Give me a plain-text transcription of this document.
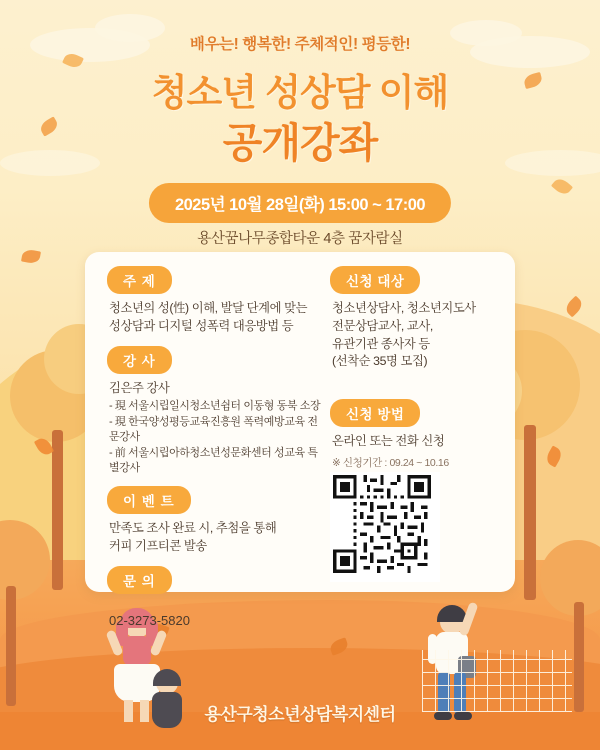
배우는! 행복한! 주체적인! 평등한!
청소년 성상담 이해
공개강좌
2025년 10월 28일(화) 15:00 ~ 17:00
용산꿈나무종합타운 4층 꿈자람실
주 제

청소년의 성(性) 이해, 발달 단계에 맞는
성상담과 디지털 성폭력 대응방법 등

강 사

김은주 강사

- 現 서울시립일시청소년쉼터 이동형 동북 소장
- 現 한국양성평등교육진흥원 폭력예방교육 전문강사
- 前 서울시립아하청소년성문화센터 성교육 특별강사

이 벤 트

만족도 조사 완료 시, 추첨을 통해
커피 기프티콘 발송

문 의

02-3273-5820

신청 대상

청소년상담사, 청소년지도사
전문상담교사, 교사,
유관기관 종사자 등
(선착순 35명 모집)

신청 방법

온라인 또는 전화 신청

※ 신청기간 : 09.24 ~ 10.16

용산구청소년상담복지센터
